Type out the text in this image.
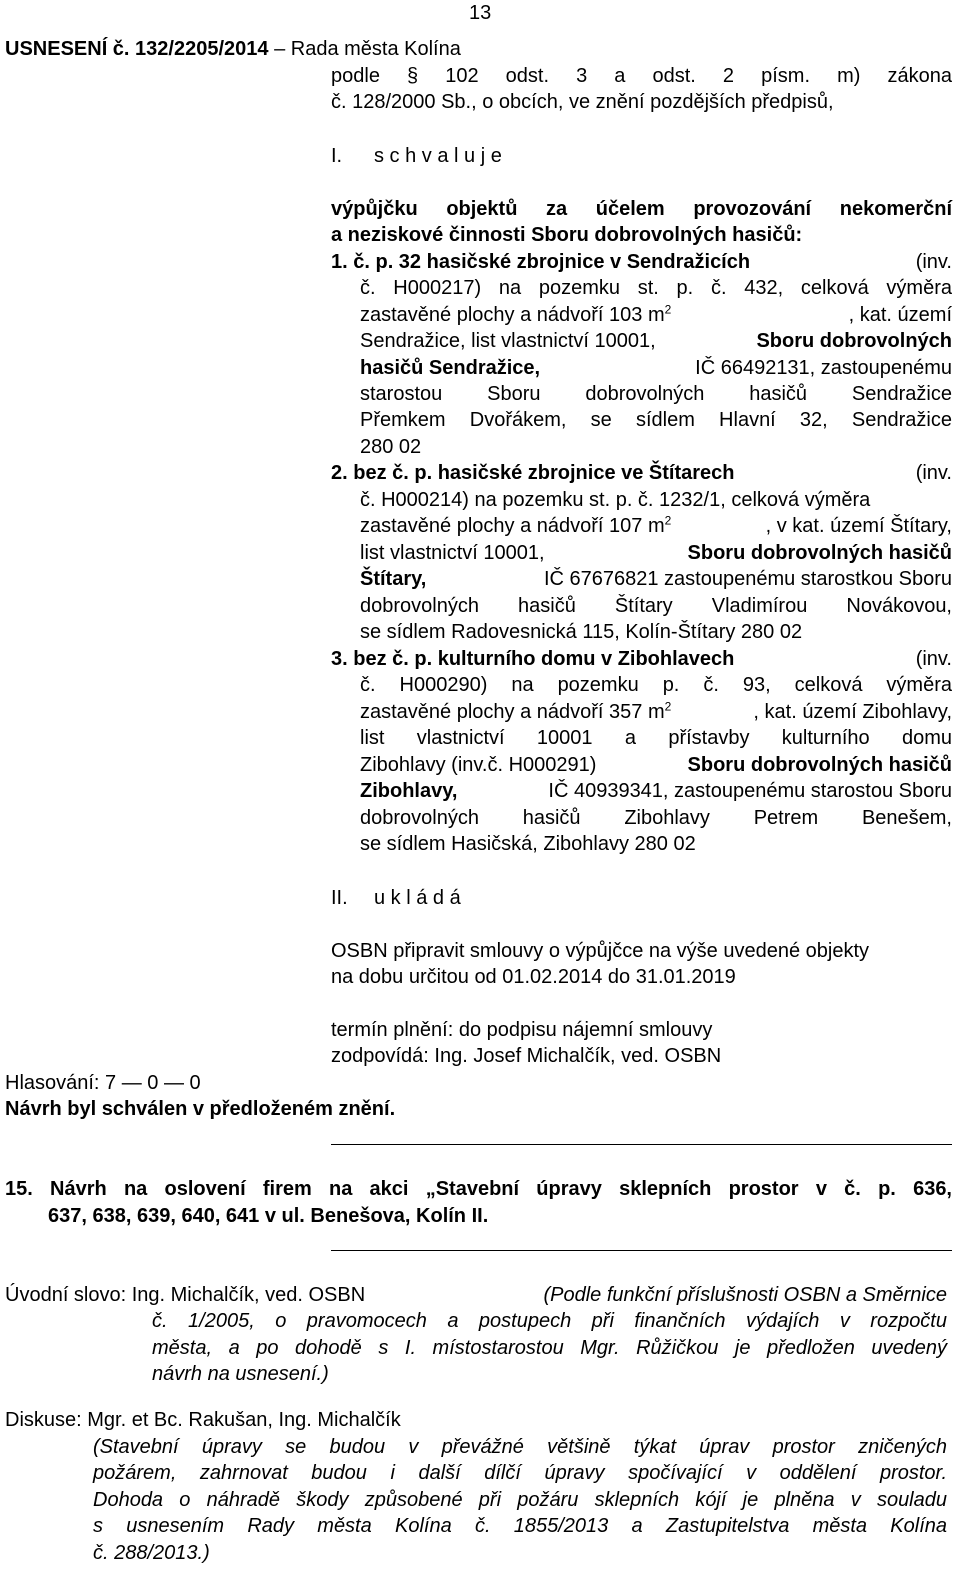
13
USNESENÍ č. 132/2205/2014 – Rada města Kolína
podle § 102 odst. 3 a odst. 2 písm. m) zákona
č. 128/2000 Sb., o obcích, ve znění pozdějších předpisů,
I. s c h v a l u j e
výpůjčku objektů za účelem provozování nekomerční
a neziskové činnosti Sboru dobrovolných hasičů:
1. č. p. 32 hasičské zbrojnice v Sendražicích	(inv.
č. H000217) na pozemku st. p. č. 432, celková výměra
zastavěné plochy a nádvoří 103 $m^2$	, kat. území
Sendražice, list vlastnictví 10001,	Sboru dobrovolných
hasičů Sendražice,	IČ 66492131, zastoupenému
starostou Sboru dobrovolných hasičů Sendražice
Přemkem Dvořákem, se sídlem Hlavní 32, Sendražice
280 02
2. bez č. p. hasičské zbrojnice ve Štítarech	(inv.
č. H000214) na pozemku st. p. č. 1232/1, celková výměra
zastavěné plochy a nádvoří 107 $m^2$	, v kat. území Štítary,
list vlastnictví 10001,	Sboru dobrovolných hasičů
Štítary,	IČ 67676821 zastoupenému starostkou Sboru
dobrovolných hasičů Štítary Vladimírou Novákovou,
se sídlem Radovesnická 115, Kolín-Štítary 280 02
3. bez č. p. kulturního domu v Zibohlavech	(inv.
č. H000290) na pozemku p. č. 93, celková výměra
zastavěné plochy a nádvoří 357 $m^2$	, kat. území Zibohlavy,
list vlastnictví 10001 a přístavby kulturního domu
Zibohlavy (inv.č. H000291)	Sboru dobrovolných hasičů
Zibohlavy,	IČ 40939341, zastoupenému starostou Sboru
dobrovolných hasičů Zibohlavy Petrem Benešem,
se sídlem Hasičská, Zibohlavy 280 02
II. u k l á d á
OSBN připravit smlouvy o výpůjčce na výše uvedené objekty
na dobu určitou od 01.02.2014 do 31.01.2019
termín plnění: do podpisu nájemní smlouvy
zodpovídá: Ing. Josef Michalčík, ved. OSBN
Hlasování: 7 — 0 — 0
Návrh byl schválen v předloženém znění.
15. Návrh na oslovení firem na akci „Stavební úpravy sklepních prostor v č. p. 636,
637, 638, 639, 640, 641 v ul. Benešova, Kolín II.
Úvodní slovo: Ing. Michalčík, ved. OSBN	(Podle funkční příslušnosti OSBN a Směrnice
č. 1/2005, o pravomocech a postupech při finančních výdajích v rozpočtu
města, a po dohodě s I. místostarostou Mgr. Růžičkou je předložen uvedený
návrh na usnesení.)
Diskuse: Mgr. et Bc. Rakušan, Ing. Michalčík
(Stavební úpravy se budou v převážné většině týkat úprav prostor zničených
požárem, zahrnovat budou i další dílčí úpravy spočívající v oddělení prostor.
Dohoda o náhradě škody způsobené při požáru sklepních kójí je plněna v souladu
s usnesením Rady města Kolína č. 1855/2013 a Zastupitelstva města Kolína
č. 288/2013.)
